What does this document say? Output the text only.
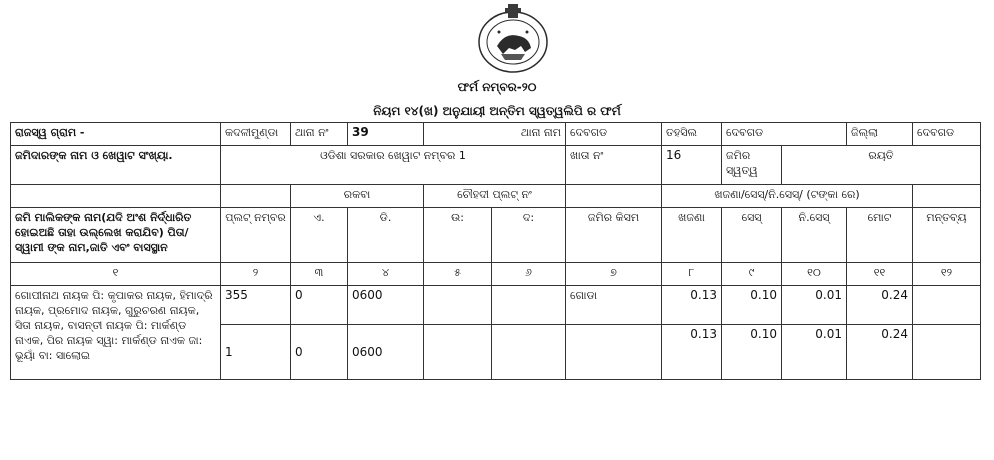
ଫର୍ମ ନମ୍ବର-୨୦
ନିୟମ ୧୪(ଖ) ଅନୁଯାୟୀ ଅନ୍ତିମ ସ୍ୱତ୍ୱଲିପି ର ଫର୍ମ
ରାଜସ୍ୱ ଗ୍ରାମ -	କଦଳୀମୁଣ୍ଡା	ଥାନା ନଂ	39	ଥାନା ନାମ		ଦେବଗଡ	ତହସିଲ	ଦେବଗଡ		ଜିଲ୍ଲା	ଦେବଗଡ
ଜମିଦାରଙ୍କ ନାମ ଓ ଖେୱାଟ ସଂଖ୍ୟା.	ଓଡିଶା ସରକାର ଖେୱାଟ ନମ୍ବର 1					ଖାତା ନଂ	16	ଜମିର ସ୍ୱତ୍ୱ	ରୟତି		
		ରକବା		ଚୌହଦୀ ପ୍ଲଟ୍ ନଂ			ଖଜଣା/ସେସ୍/ନି.ସେସ୍/ (ଟଙ୍କା ରେ)				
ଜମି ମାଲିକଙ୍କ ନାମ(ଯଦି ଅଂଶ ନିର୍ଦ୍ଧାରିତ ହୋଇଅଛି ତାହା ଉଲ୍ଲେଖ କରାଯିବ) ପିତା/ସ୍ୱାମୀ ଙ୍କ ନାମ,ଜାତି ଏବଂ ବାସସ୍ଥାନ	ପ୍ଲଟ୍ ନମ୍ବର	ଏ.	ଡି.	ଉ:	ଦ:	ଜମିର କିସମ	ଖଜଣା	ସେସ୍	ନି.ସେସ୍	ମୋଟ	ମନ୍ତବ୍ୟ
୧	୨	୩	୪	୫	୬	୭	୮	୯	୧୦	୧୧	୧୨
ଗୋପୀନାଥ ନାୟକ ପି: କୃପାକର ନାୟକ, ହିମାଦ୍ରି ନାୟକ, ପ୍ରମୋଦ ନାୟକ, ଗୁରୁଚରଣ ନାୟକ, ସିତା ନାୟକ, ବାସନ୍ତୀ ନାୟକ ପି: ମାର୍କଣ୍ଡ ନାଏକ, ପିର ନାୟକ ସ୍ୱା: ମାର୍କଣ୍ଡ ନାଏକ ଜା: ଭୂୟାଁ ବା: ସାଲୋଇ	355	0	0600			ଗୋଡା	0.13	0.10	0.01	0.24	
	1	0	0600				0.13	0.10	0.01	0.24	
